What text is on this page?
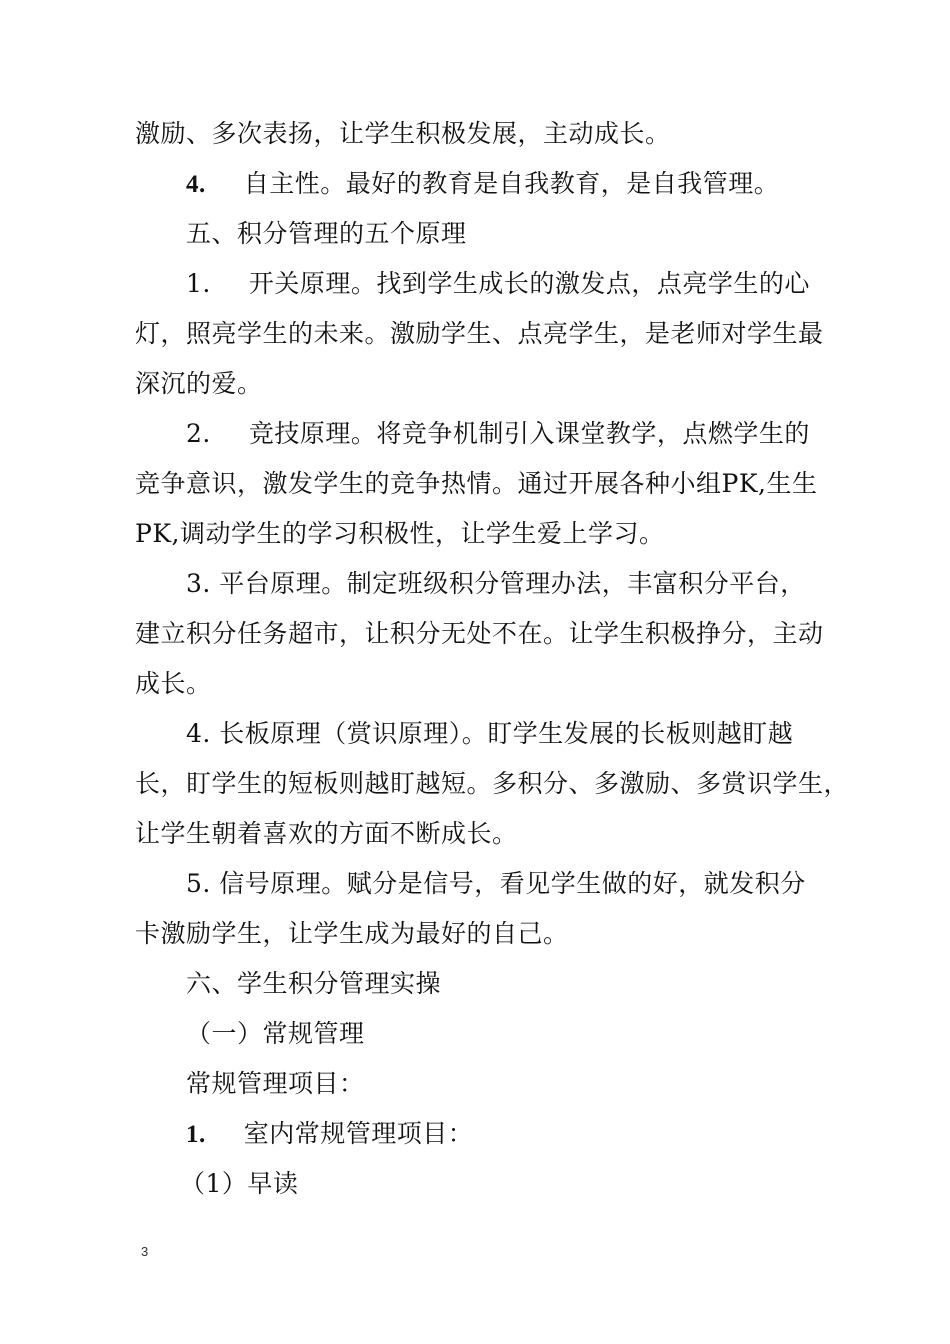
激励、多次表扬，让学生积极发展，主动成长。
4. 自主性。最好的教育是自我教育，是自我管理。
五、积分管理的五个原理
1. 开关原理。找到学生成长的激发点，点亮学生的心
灯，照亮学生的未来。激励学生、点亮学生，是老师对学生最
深沉的爱。
2. 竞技原理。将竞争机制引入课堂教学，点燃学生的
竞争意识，激发学生的竞争热情。通过开展各种小组PK,生生
PK,调动学生的学习积极性，让学生爱上学习。
3. 平台原理。制定班级积分管理办法，丰富积分平台，
建立积分任务超市，让积分无处不在。让学生积极挣分，主动
成长。
4. 长板原理（赏识原理）。盯学生发展的长板则越盯越
长，盯学生的短板则越盯越短。多积分、多激励、多赏识学生，
让学生朝着喜欢的方面不断成长。
5. 信号原理。赋分是信号，看见学生做的好，就发积分
卡激励学生，让学生成为最好的自己。
六、学生积分管理实操
（一）常规管理
常规管理项目：
1. 室内常规管理项目：
（1）早读
3
